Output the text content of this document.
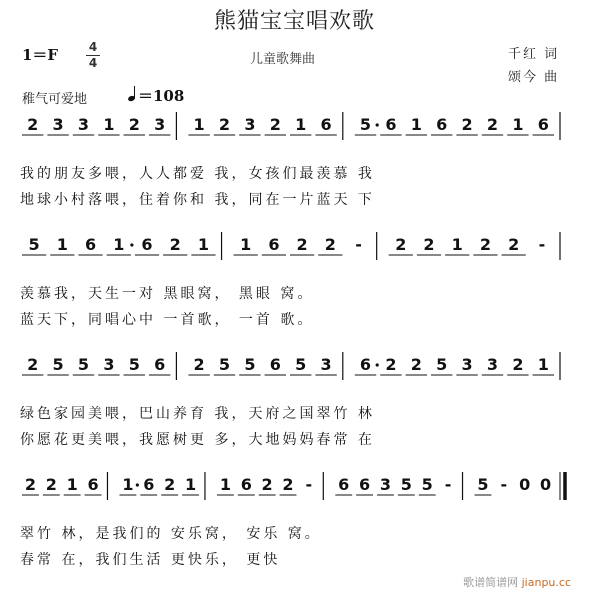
熊猫宝宝唱欢歌
1＝F	4
4	儿童歌舞曲	千红 词
颂今 曲
稚气可爱地	＝108
2 3 3 1 2 3 1 2 3 2 1 6 5 6 1 6 2 2 1 6
我的朋友多喂，人人都爱 我，女孩们最羡慕 我
地球小村落喂，住着你和 我，同在一片蓝天 下
5 1 6 1 6 2 1 1 6 2 2 - 2 2 1 2 2 -
羡慕我，天生一对 黑眼窝， 黑眼 窝。
蓝天下，同唱心中 一首歌， 一首 歌。
2 5 5 3 5 6 2 5 5 6 5 3 6 2 2 5 3 3 2 1
绿色家园美喂，巴山养育 我，天府之国翠竹 林
你愿花更美喂，我愿树更 多，大地妈妈春常 在
2 2 1 6 1 6 2 1 1 6 2 2 - 6 6 3 5 5 - 5 - 0 0
翠竹 林，是我们的 安乐窝， 安乐 窝。
春常 在，我们生活 更快乐， 更快
歌谱简谱网 jianpu.cc
